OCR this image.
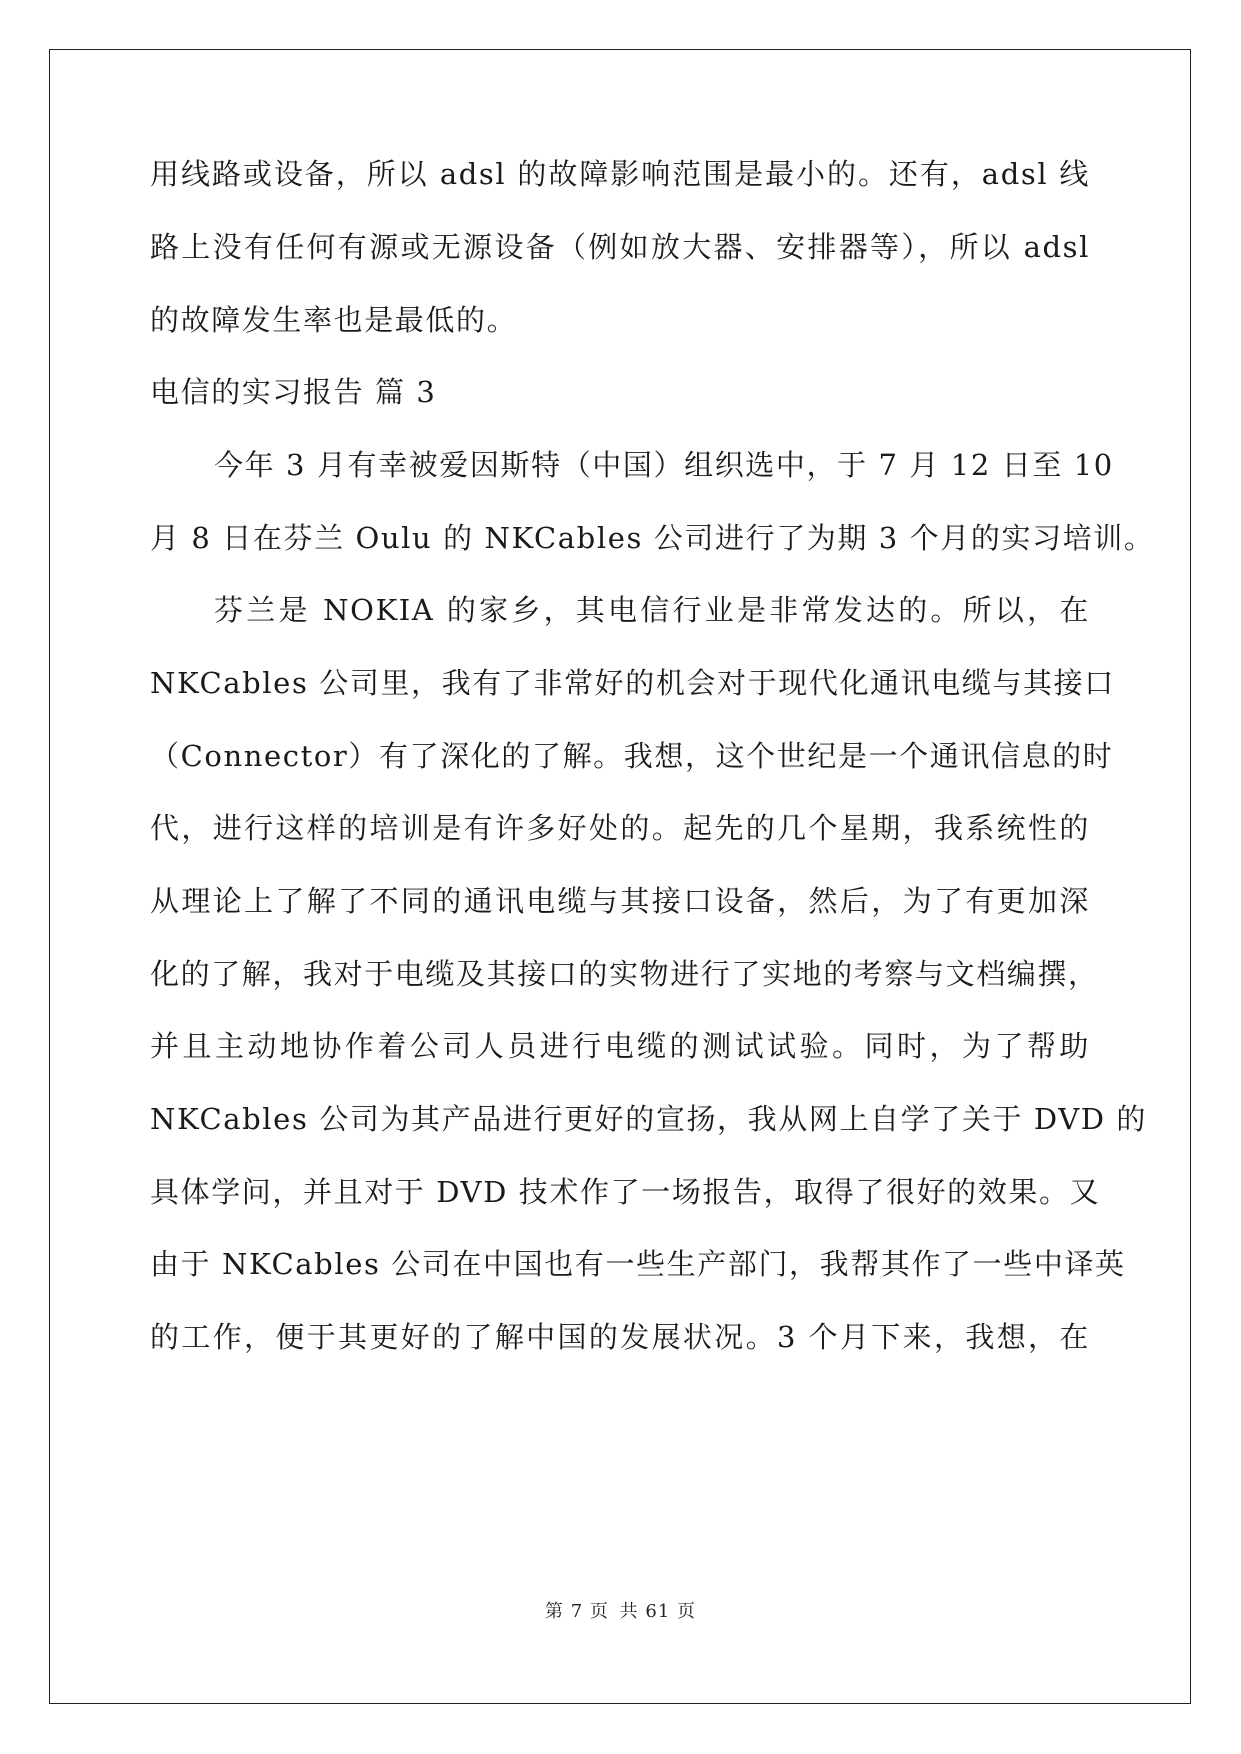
用线路或设备，所以 adsl 的故障影响范围是最小的。还有，adsl 线
路上没有任何有源或无源设备（例如放大器、安排器等），所以 adsl
的故障发生率也是最低的。
电信的实习报告 篇 3
今年 3 月有幸被爱因斯特（中国）组织选中，于 7 月 12 日至 10
月 8 日在芬兰 Oulu 的 NKCables 公司进行了为期 3 个月的实习培训。
芬兰是 NOKIA 的家乡，其电信行业是非常发达的。所以，在
NKCables 公司里，我有了非常好的机会对于现代化通讯电缆与其接口
（Connector）有了深化的了解。我想，这个世纪是一个通讯信息的时
代，进行这样的培训是有许多好处的。起先的几个星期，我系统性的
从理论上了解了不同的通讯电缆与其接口设备，然后，为了有更加深
化的了解，我对于电缆及其接口的实物进行了实地的考察与文档编撰，
并且主动地协作着公司人员进行电缆的测试试验。同时，为了帮助
NKCables 公司为其产品进行更好的宣扬，我从网上自学了关于 DVD 的
具体学问，并且对于 DVD 技术作了一场报告，取得了很好的效果。又
由于 NKCables 公司在中国也有一些生产部门，我帮其作了一些中译英
的工作，便于其更好的了解中国的发展状况。3 个月下来，我想，在
第 7 页 共 61 页
